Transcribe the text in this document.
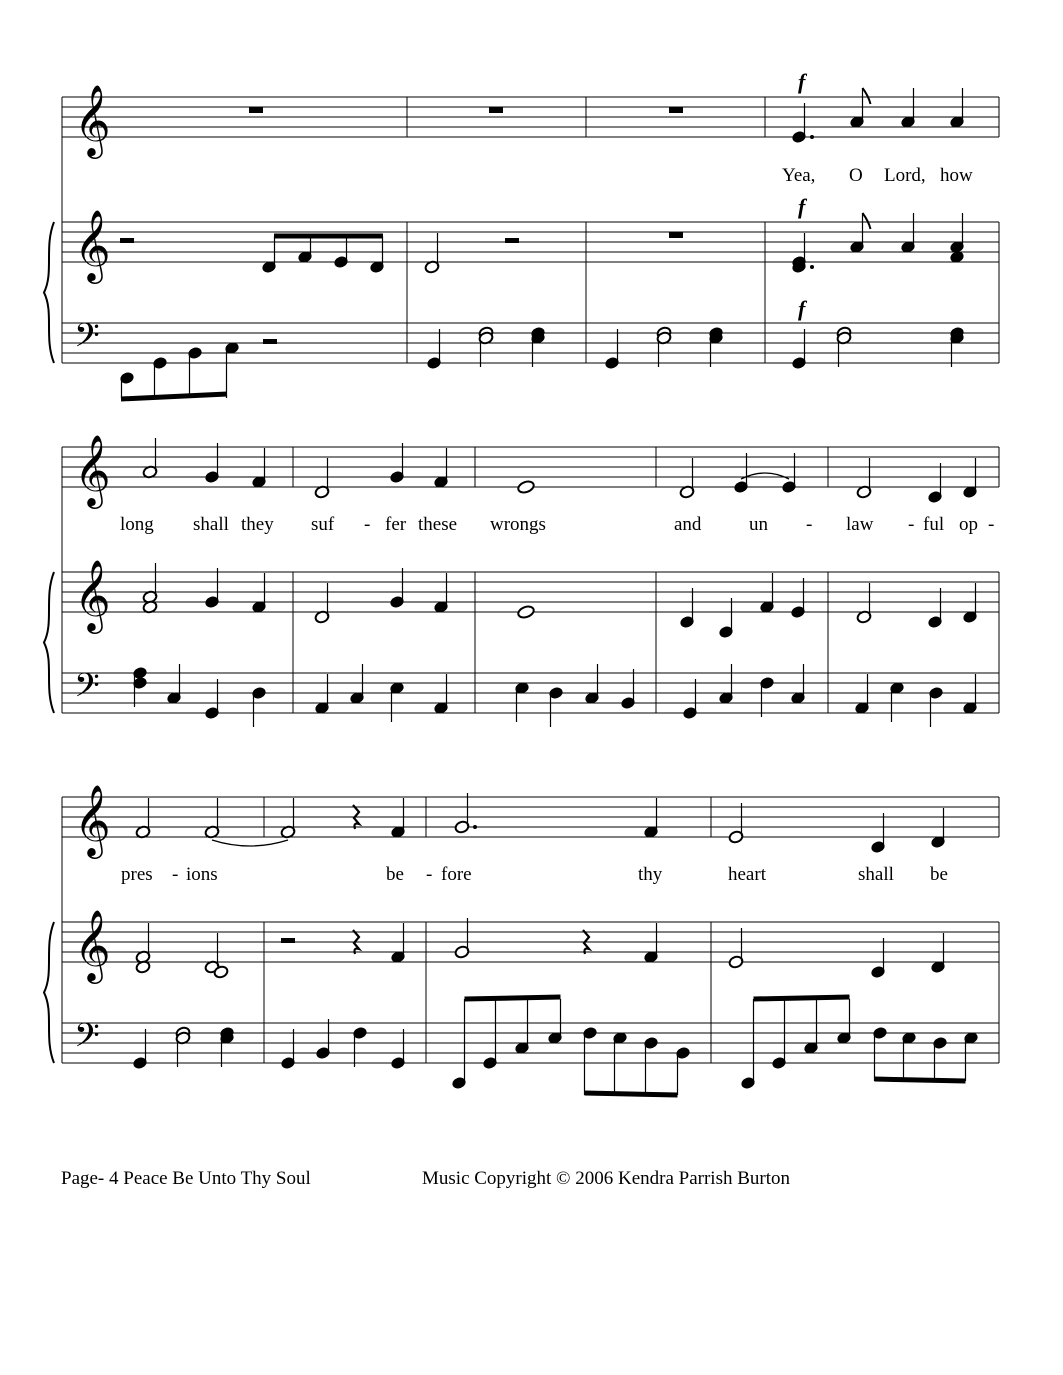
𝄞
𝄞
𝄢
𝄞
𝄞
𝄢
𝄞
𝄞
𝄢
Yea, O Lord, how
long shall they suf - fer these wrongs	and	un - law - ful op -
pres - ions	be - fore	thy	heart	shall be
f
f
f
Page- 4 Peace Be Unto Thy Soul	Music Copyright © 2006 Kendra Parrish Burton
